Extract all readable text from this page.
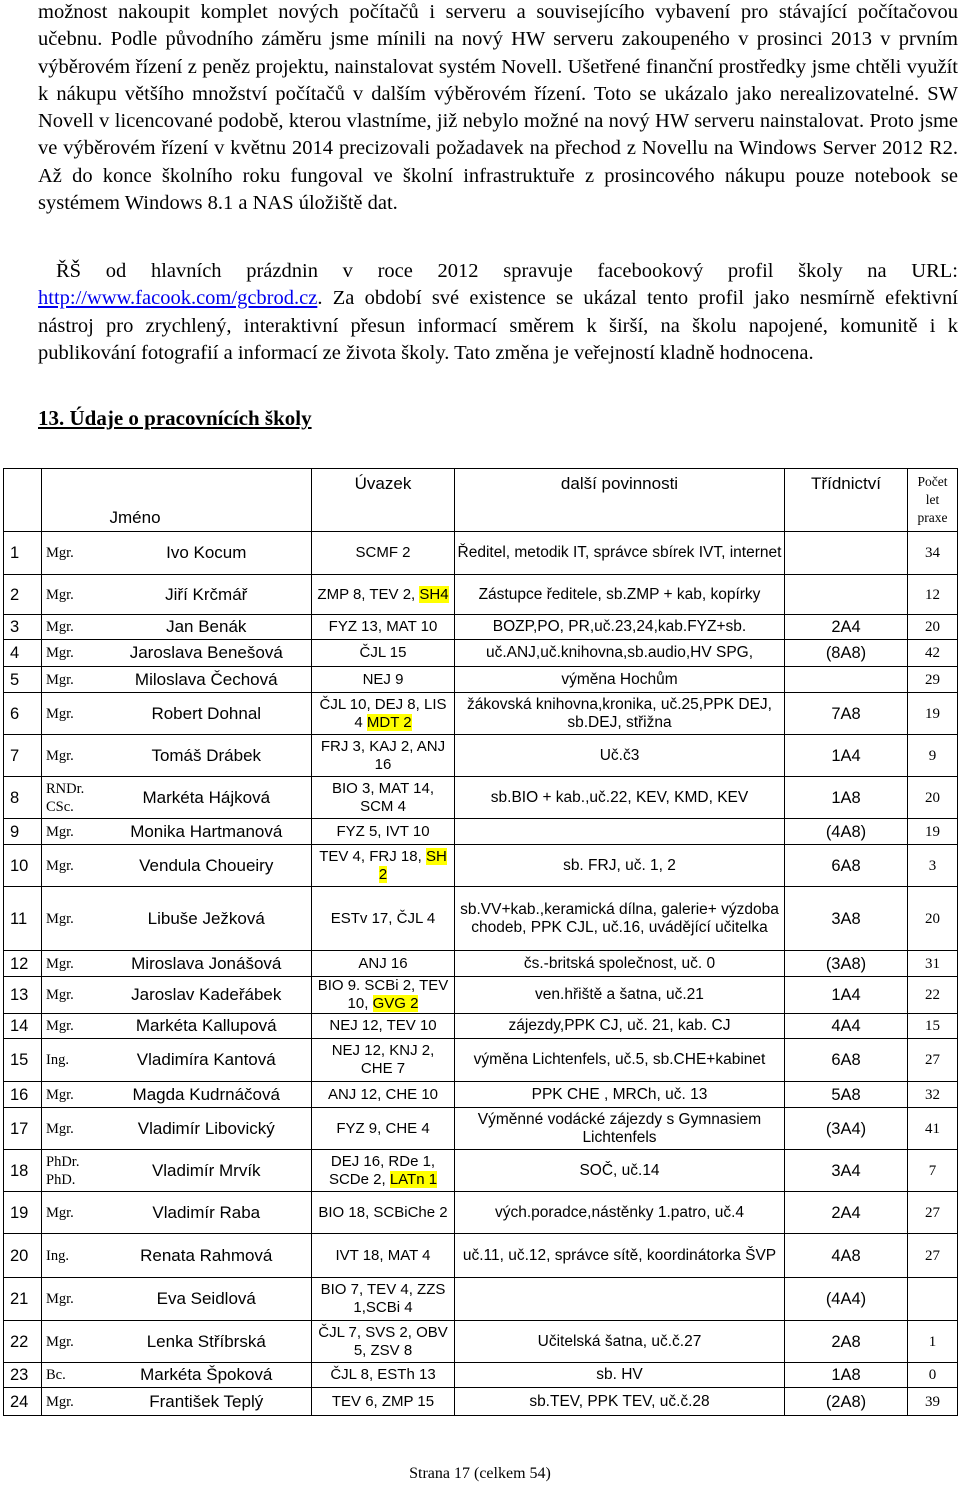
možnost nakoupit komplet nových počítačů i serveru a souvisejícího vybavení pro stávající počítačovou učebnu. Podle původního záměru jsme mínili na nový HW serveru zakoupeného v prosinci 2013 v prvním výběrovém řízení z peněz projektu, nainstalovat systém Novell. Ušetřené finanční prostředky jsme chtěli využít k nákupu většího množství počítačů v dalším výběrovém řízení. Toto se ukázalo jako nerealizovatelné. SW Novell v licencované podobě, kterou vlastníme, již nebylo možné na nový HW serveru nainstalovat. Proto jsme ve výběrovém řízení v květnu 2014 precizovali požadavek na přechod z Novellu na Windows Server 2012 R2. Až do konce školního roku fungoval ve školní infrastruktuře z prosincového nákupu pouze notebook se systémem Windows 8.1 a NAS úložiště dat.

ŘŠ od hlavních prázdnin v roce 2012 spravuje facebookový profil školy na URL: http://www.facook.com/gcbrod.cz. Za období své existence se ukázal tento profil jako nesmírně efektivní nástroj pro zrychlený, interaktivní přesun informací směrem k širší, na školu napojené, komunitě i k publikování fotografií a informací ze života školy. Tato změna je veřejností kladně hodnocena.

13. Údaje o pracovnících školy
		Jméno	Úvazek	další povinnosti	Třídnictví	Počet let praxe
1	Mgr.	Ivo Kocum	SCMF 2	Ředitel, metodik IT, správce sbírek IVT, internet		34
2	Mgr.	Jiří Krčmář	ZMP 8, TEV 2, SH4	Zástupce ředitele, sb.ZMP + kab, kopírky		12
3	Mgr.	Jan Benák	FYZ 13, MAT 10	BOZP,PO, PR,uč.23,24,kab.FYZ+sb.	2A4	20
4	Mgr.	Jaroslava Benešová	ČJL 15	uč.ANJ,uč.knihovna,sb.audio,HV SPG,	(8A8)	42
5	Mgr.	Miloslava Čechová	NEJ 9	výměna Hochům		29
6	Mgr.	Robert Dohnal	ČJL 10, DEJ 8, LIS 4 MDT 2	žákovská knihovna,kronika, uč.25,PPK DEJ, sb.DEJ, střižna	7A8	19
7	Mgr.	Tomáš Drábek	FRJ 3, KAJ 2, ANJ 16	Uč.č3	1A4	9
8	RNDr. CSc.	Markéta Hájková	BIO 3, MAT 14, SCM 4	sb.BIO + kab.,uč.22, KEV, KMD, KEV	1A8	20
9	Mgr.	Monika Hartmanová	FYZ 5, IVT 10		(4A8)	19
10	Mgr.	Vendula Choueiry	TEV 4, FRJ 18, SH 2	sb. FRJ, uč. 1, 2	6A8	3
11	Mgr.	Libuše Ježková	ESTv 17, ČJL 4	sb.VV+kab.,keramická dílna, galerie+ výzdoba chodeb, PPK CJL, uč.16, uvádějící učitelka	3A8	20
12	Mgr.	Miroslava Jonášová	ANJ 16	čs.-britská společnost, uč. 0	(3A8)	31
13	Mgr.	Jaroslav Kadeřábek	BIO 9. SCBi 2, TEV 10, GVG 2	ven.hřiště a šatna, uč.21	1A4	22
14	Mgr.	Markéta Kallupová	NEJ 12, TEV 10	zájezdy,PPK CJ, uč. 21, kab. CJ	4A4	15
15	Ing.	Vladimíra Kantová	NEJ 12, KNJ 2, CHE 7	výměna Lichtenfels, uč.5, sb.CHE+kabinet	6A8	27
16	Mgr.	Magda Kudrnáčová	ANJ 12, CHE 10	PPK CHE , MRCh, uč. 13	5A8	32
17	Mgr.	Vladimír Libovický	FYZ 9, CHE 4	Výměnné vodácké zájezdy s Gymnasiem Lichtenfels	(3A4)	41
18	PhDr. PhD.	Vladimír Mrvík	DEJ 16, RDe 1, SCDe 2, LATn 1	SOČ, uč.14	3A4	7
19	Mgr.	Vladimír Raba	BIO 18, SCBiChe 2	vých.poradce,nástěnky 1.patro, uč.4	2A4	27
20	Ing.	Renata Rahmová	IVT 18, MAT 4	uč.11, uč.12, správce sítě, koordinátorka ŠVP	4A8	27
21	Mgr.	Eva Seidlová	BIO 7, TEV 4, ZZS 1,SCBi 4		(4A4)	
22	Mgr.	Lenka Stříbrská	ČJL 7, SVS 2, OBV 5, ZSV 8	Učitelská šatna, uč.č.27	2A8	1
23	Bc.	Markéta Špoková	ČJL 8, ESTh 13	sb. HV	1A8	0
24	Mgr.	František Teplý	TEV 6, ZMP 15	sb.TEV, PPK TEV, uč.č.28	(2A8)	39
Strana 17 (celkem 54)
